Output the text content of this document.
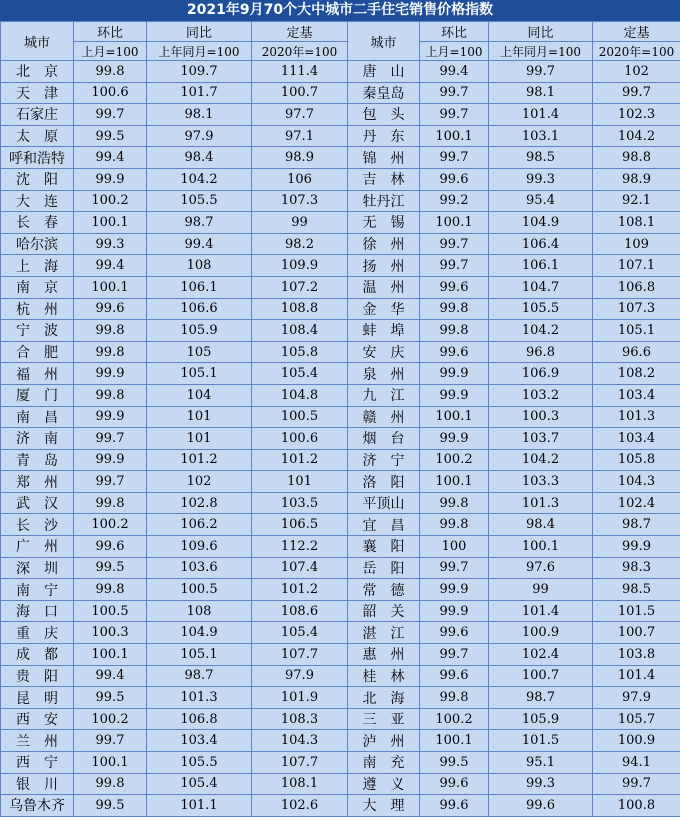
2021年9月70个大中城市二手住宅销售价格指数
城市	环比	同比	定基	城市	环比	同比	定基
	上月=100	上年同月=100	2020年=100		上月=100	上年同月=100	2020年=100
北　京	99.8	109.7	111.4	唐　山	99.4	99.7	102
天　津	100.6	101.7	100.7	秦皇岛	99.7	98.1	99.7
石家庄	99.7	98.1	97.7	包　头	99.7	101.4	102.3
太　原	99.5	97.9	97.1	丹　东	100.1	103.1	104.2
呼和浩特	99.4	98.4	98.9	锦　州	99.7	98.5	98.8
沈　阳	99.9	104.2	106	吉　林	99.6	99.3	98.9
大　连	100.2	105.5	107.3	牡丹江	99.2	95.4	92.1
长　春	100.1	98.7	99	无　锡	100.1	104.9	108.1
哈尔滨	99.3	99.4	98.2	徐　州	99.7	106.4	109
上　海	99.4	108	109.9	扬　州	99.7	106.1	107.1
南　京	100.1	106.1	107.2	温　州	99.6	104.7	106.8
杭　州	99.6	106.6	108.8	金　华	99.8	105.5	107.3
宁　波	99.8	105.9	108.4	蚌　埠	99.8	104.2	105.1
合　肥	99.8	105	105.8	安　庆	99.6	96.8	96.6
福　州	99.9	105.1	105.4	泉　州	99.9	106.9	108.2
厦　门	99.8	104	104.8	九　江	99.9	103.2	103.4
南　昌	99.9	101	100.5	赣　州	100.1	100.3	101.3
济　南	99.7	101	100.6	烟　台	99.9	103.7	103.4
青　岛	99.9	101.2	101.2	济　宁	100.2	104.2	105.8
郑　州	99.7	102	101	洛　阳	100.1	103.3	104.3
武　汉	99.8	102.8	103.5	平顶山	99.8	101.3	102.4
长　沙	100.2	106.2	106.5	宜　昌	99.8	98.4	98.7
广　州	99.6	109.6	112.2	襄　阳	100	100.1	99.9
深　圳	99.5	103.6	107.4	岳　阳	99.7	97.6	98.3
南　宁	99.8	100.5	101.2	常　德	99.9	99	98.5
海　口	100.5	108	108.6	韶　关	99.9	101.4	101.5
重　庆	100.3	104.9	105.4	湛　江	99.6	100.9	100.7
成　都	100.1	105.1	107.7	惠　州	99.7	102.4	103.8
贵　阳	99.4	98.7	97.9	桂　林	99.6	100.7	101.4
昆　明	99.5	101.3	101.9	北　海	99.8	98.7	97.9
西　安	100.2	106.8	108.3	三　亚	100.2	105.9	105.7
兰　州	99.7	103.4	104.3	泸　州	100.1	101.5	100.9
西　宁	100.1	105.5	107.7	南　充	99.5	95.1	94.1
银　川	99.8	105.4	108.1	遵　义	99.6	99.3	99.7
乌鲁木齐	99.5	101.1	102.6	大　理	99.6	99.6	100.8
